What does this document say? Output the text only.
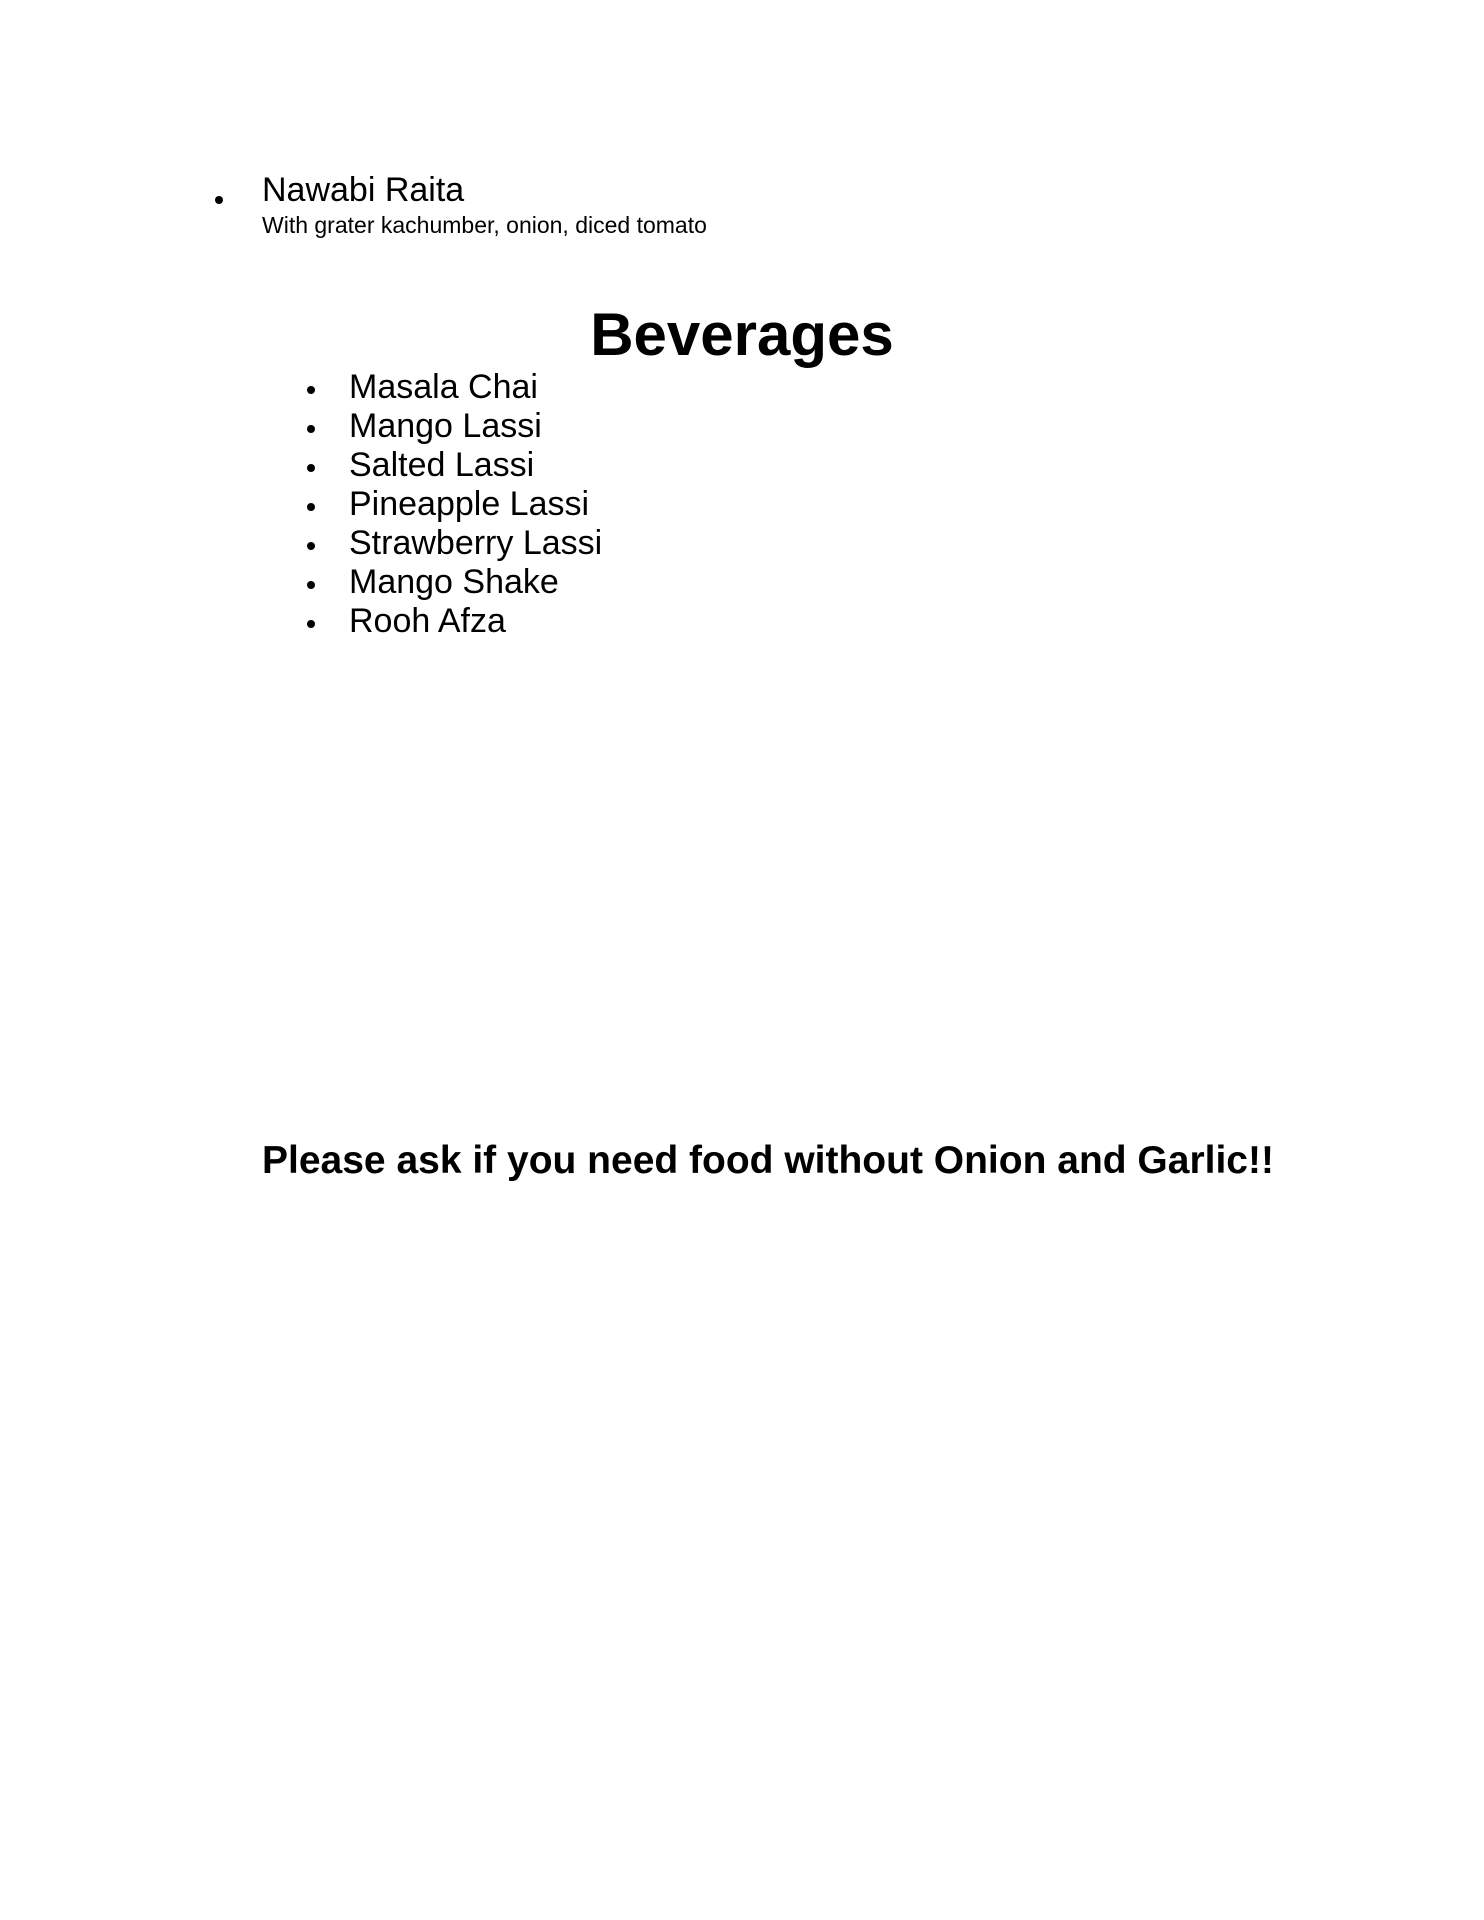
Nawabi Raita
With grater kachumber, onion, diced tomato
Beverages
Masala Chai
Mango Lassi
Salted Lassi
Pineapple Lassi
Strawberry Lassi
Mango Shake
Rooh Afza
Please ask if you need food without Onion and Garlic!!
